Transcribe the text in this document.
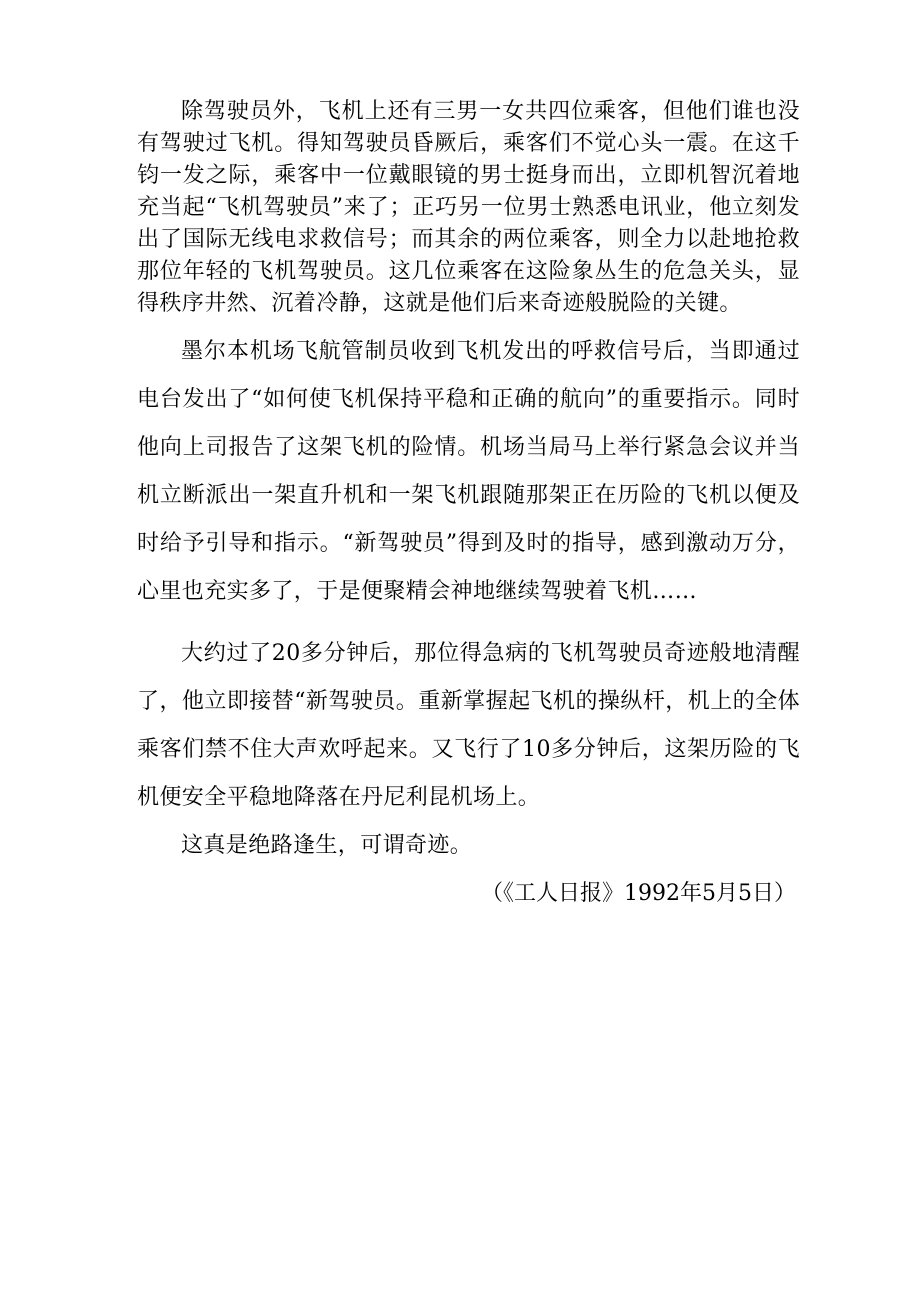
除驾驶员外，飞机上还有三男一女共四位乘客，但他们谁也没有驾驶过飞机。得知驾驶员昏厥后，乘客们不觉心头一震。在这千钧一发之际，乘客中一位戴眼镜的男士挺身而出，立即机智沉着地充当起“飞机驾驶员”来了；正巧另一位男士熟悉电讯业，他立刻发出了国际无线电求救信号；而其余的两位乘客，则全力以赴地抢救那位年轻的飞机驾驶员。这几位乘客在这险象丛生的危急关头，显得秩序井然、沉着冷静，这就是他们后来奇迹般脱险的关键。

墨尔本机场飞航管制员收到飞机发出的呼救信号后，当即通过电台发出了“如何使飞机保持平稳和正确的航向”的重要指示。同时他向上司报告了这架飞机的险情。机场当局马上举行紧急会议并当机立断派出一架直升机和一架飞机跟随那架正在历险的飞机以便及时给予引导和指示。“新驾驶员”得到及时的指导，感到激动万分，心里也充实多了，于是便聚精会神地继续驾驶着飞机……

大约过了20多分钟后，那位得急病的飞机驾驶员奇迹般地清醒了，他立即接替“新驾驶员。重新掌握起飞机的操纵杆，机上的全体乘客们禁不住大声欢呼起来。又飞行了10多分钟后，这架历险的飞机便安全平稳地降落在丹尼利昆机场上。

这真是绝路逢生，可谓奇迹。

（《工人日报》1992年5月5日）
